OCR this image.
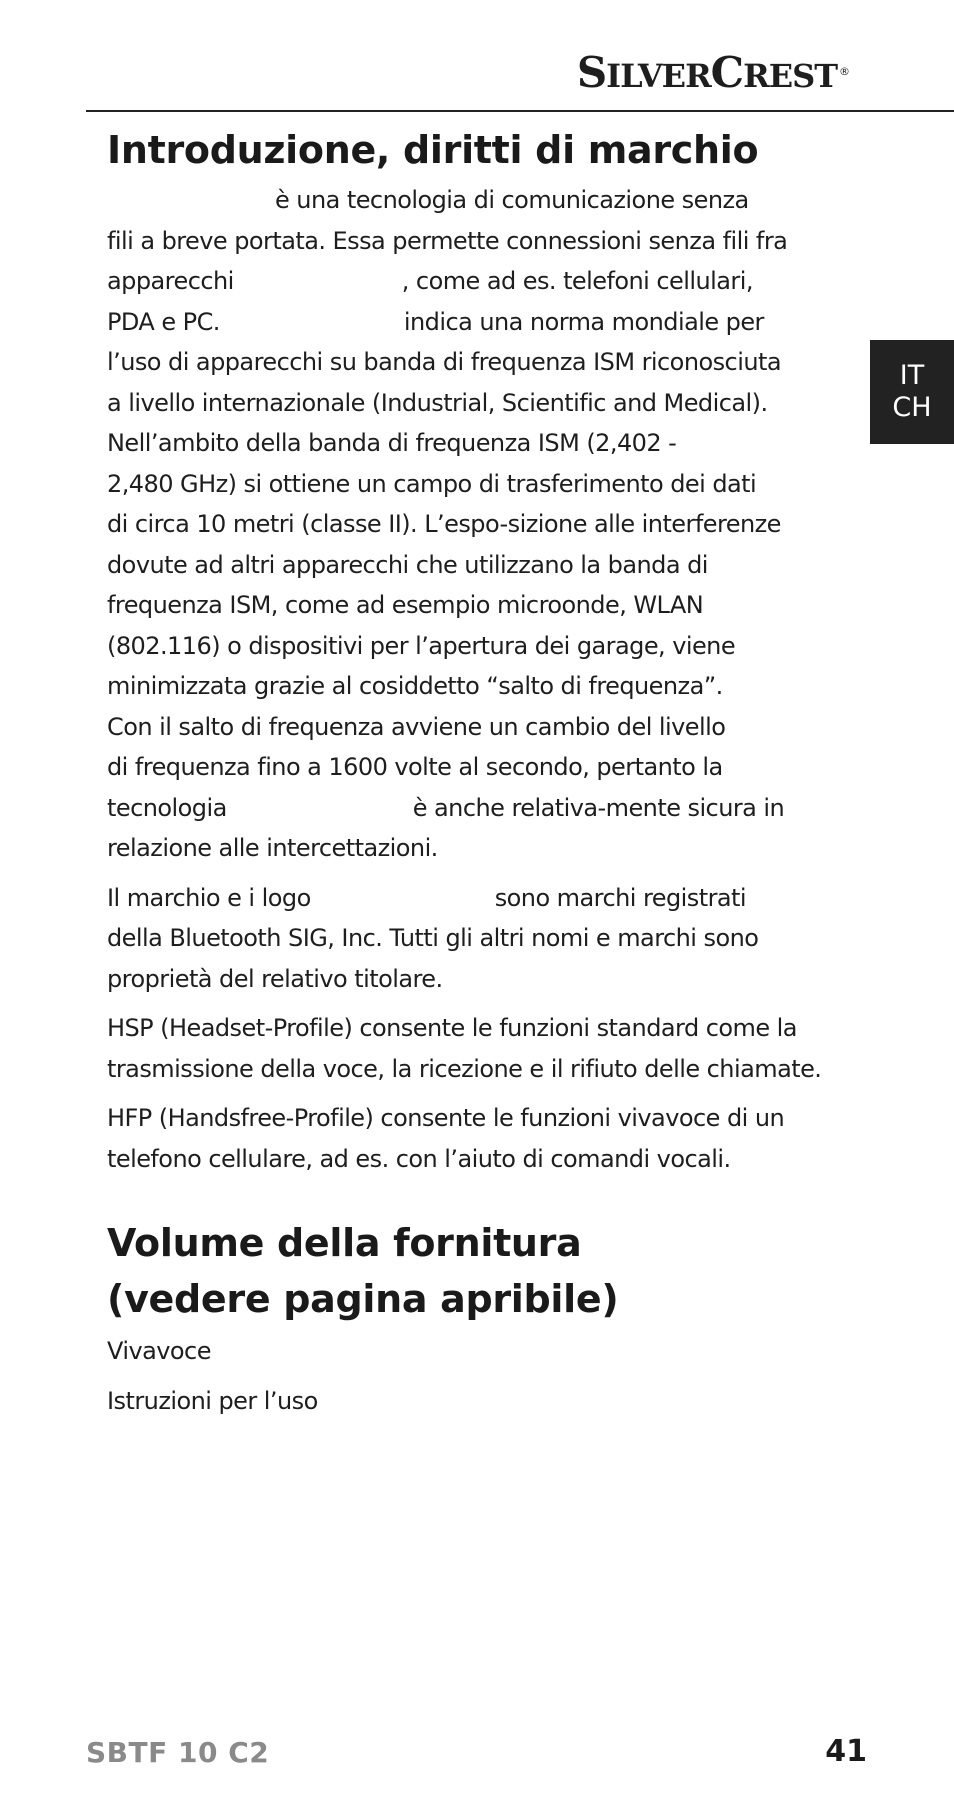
SILVERCREST ®
IT
CH
Introduzione, diritti di marchio

è una tecnologia di comunicazione senza
fili a breve portata. Essa permette connessioni senza fili fra
apparecchi	, come ad es. telefoni cellulari,
PDA e PC.	indica una norma mondiale per
l’uso di apparecchi su banda di frequenza ISM riconosciuta
a livello internazionale (Industrial, Scientific and Medical).
Nell’ambito della banda di frequenza ISM (2,402 -
2,480 GHz) si ottiene un campo di trasferimento dei dati
di circa 10 metri (classe II). L’espo-sizione alle interferenze
dovute ad altri apparecchi che utilizzano la banda di
frequenza ISM, come ad esempio microonde, WLAN
(802.116) o dispositivi per l’apertura dei garage, viene
minimizzata grazie al cosiddetto “salto di frequenza”.
Con il salto di frequenza avviene un cambio del livello
di frequenza fino a 1600 volte al secondo, pertanto la
tecnologia	è anche relativa-mente sicura in
relazione alle intercettazioni.

Il marchio e i logo	sono marchi registrati
della Bluetooth SIG, Inc. Tutti gli altri nomi e marchi sono
proprietà del relativo titolare.

HSP (Headset-Profile) consente le funzioni standard come la
trasmissione della voce, la ricezione e il rifiuto delle chiamate.

HFP (Handsfree-Profile) consente le funzioni vivavoce di un
telefono cellulare, ad es. con l’aiuto di comandi vocali.

Volume della fornitura
(vedere pagina apribile)

Vivavoce

Istruzioni per l’uso

SBTF 10 C2	41
